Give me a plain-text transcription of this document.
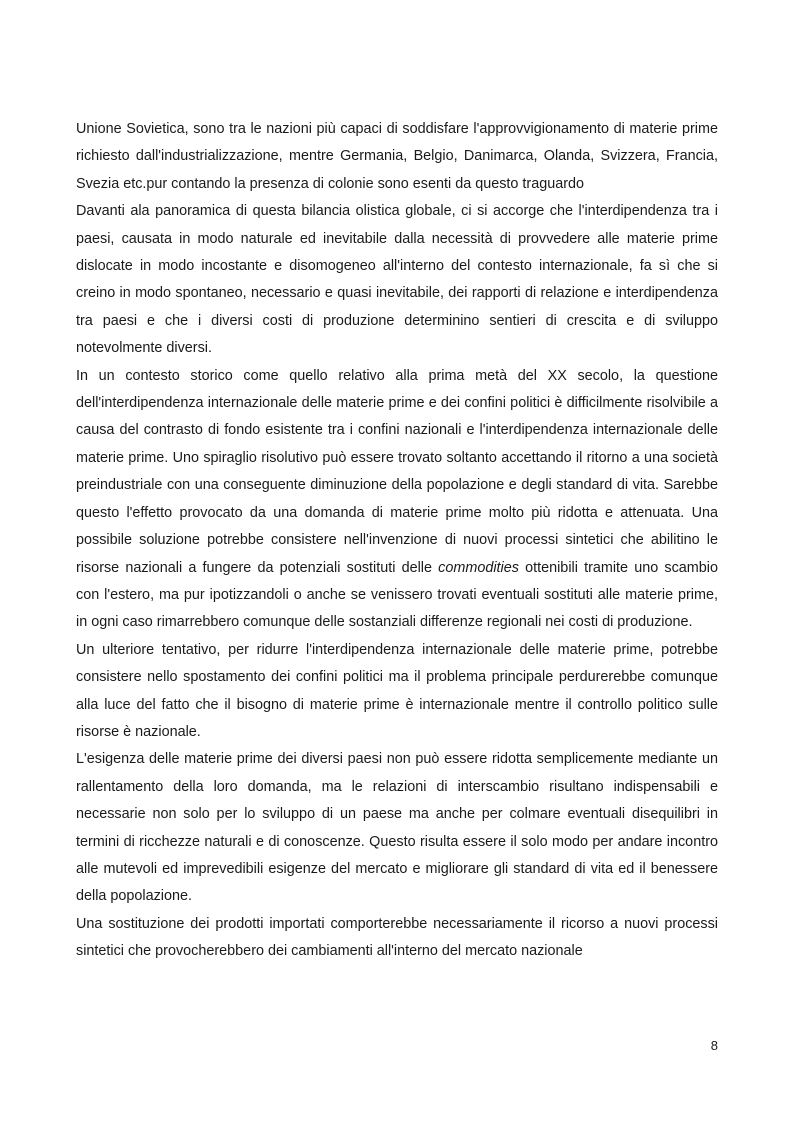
Unione Sovietica, sono tra le nazioni più capaci di soddisfare l'approvvigionamento di materie prime richiesto dall'industrializzazione, mentre Germania, Belgio, Danimarca, Olanda, Svizzera, Francia, Svezia etc.pur contando la presenza di colonie sono esenti da questo traguardo

Davanti ala panoramica di questa bilancia olistica globale, ci si accorge che l'interdipendenza tra i paesi, causata in modo naturale ed inevitabile dalla necessità di provvedere alle materie prime dislocate in modo incostante e disomogeneo all'interno del contesto internazionale, fa sì che si creino in modo spontaneo, necessario e quasi inevitabile, dei rapporti di relazione e interdipendenza tra paesi e che i diversi costi di produzione determinino sentieri di crescita e di sviluppo notevolmente diversi.

In un contesto storico come quello relativo alla prima metà del XX secolo, la questione dell'interdipendenza internazionale delle materie prime e dei confini politici è difficilmente risolvibile a causa del contrasto di fondo esistente tra i confini nazionali e l'interdipendenza internazionale delle materie prime. Uno spiraglio risolutivo può essere trovato soltanto accettando il ritorno a una società preindustriale con una conseguente diminuzione della popolazione e degli standard di vita. Sarebbe questo l'effetto provocato da una domanda di materie prime molto più ridotta e attenuata. Una possibile soluzione potrebbe consistere nell'invenzione di nuovi processi sintetici che abilitino le risorse nazionali a fungere da potenziali sostituti delle commodities ottenibili tramite uno scambio con l'estero, ma pur ipotizzandoli o anche se venissero trovati eventuali sostituti alle materie prime, in ogni caso rimarrebbero comunque delle sostanziali differenze regionali nei costi di produzione.

Un ulteriore tentativo, per ridurre l'interdipendenza internazionale delle materie prime, potrebbe consistere nello spostamento dei confini politici ma il problema principale perdurerebbe comunque alla luce del fatto che il bisogno di materie prime è internazionale mentre il controllo politico sulle risorse è nazionale.

L'esigenza delle materie prime dei diversi paesi non può essere ridotta semplicemente mediante un rallentamento della loro domanda, ma le relazioni di interscambio risultano indispensabili e necessarie non solo per lo sviluppo di un paese ma anche per colmare eventuali disequilibri in termini di ricchezze naturali e di conoscenze. Questo risulta essere il solo modo per andare incontro alle mutevoli ed imprevedibili esigenze del mercato e migliorare gli standard di vita ed il benessere della popolazione.

Una sostituzione dei prodotti importati comporterebbe necessariamente il ricorso a nuovi processi sintetici che provocherebbero dei cambiamenti all'interno del mercato nazionale

8
